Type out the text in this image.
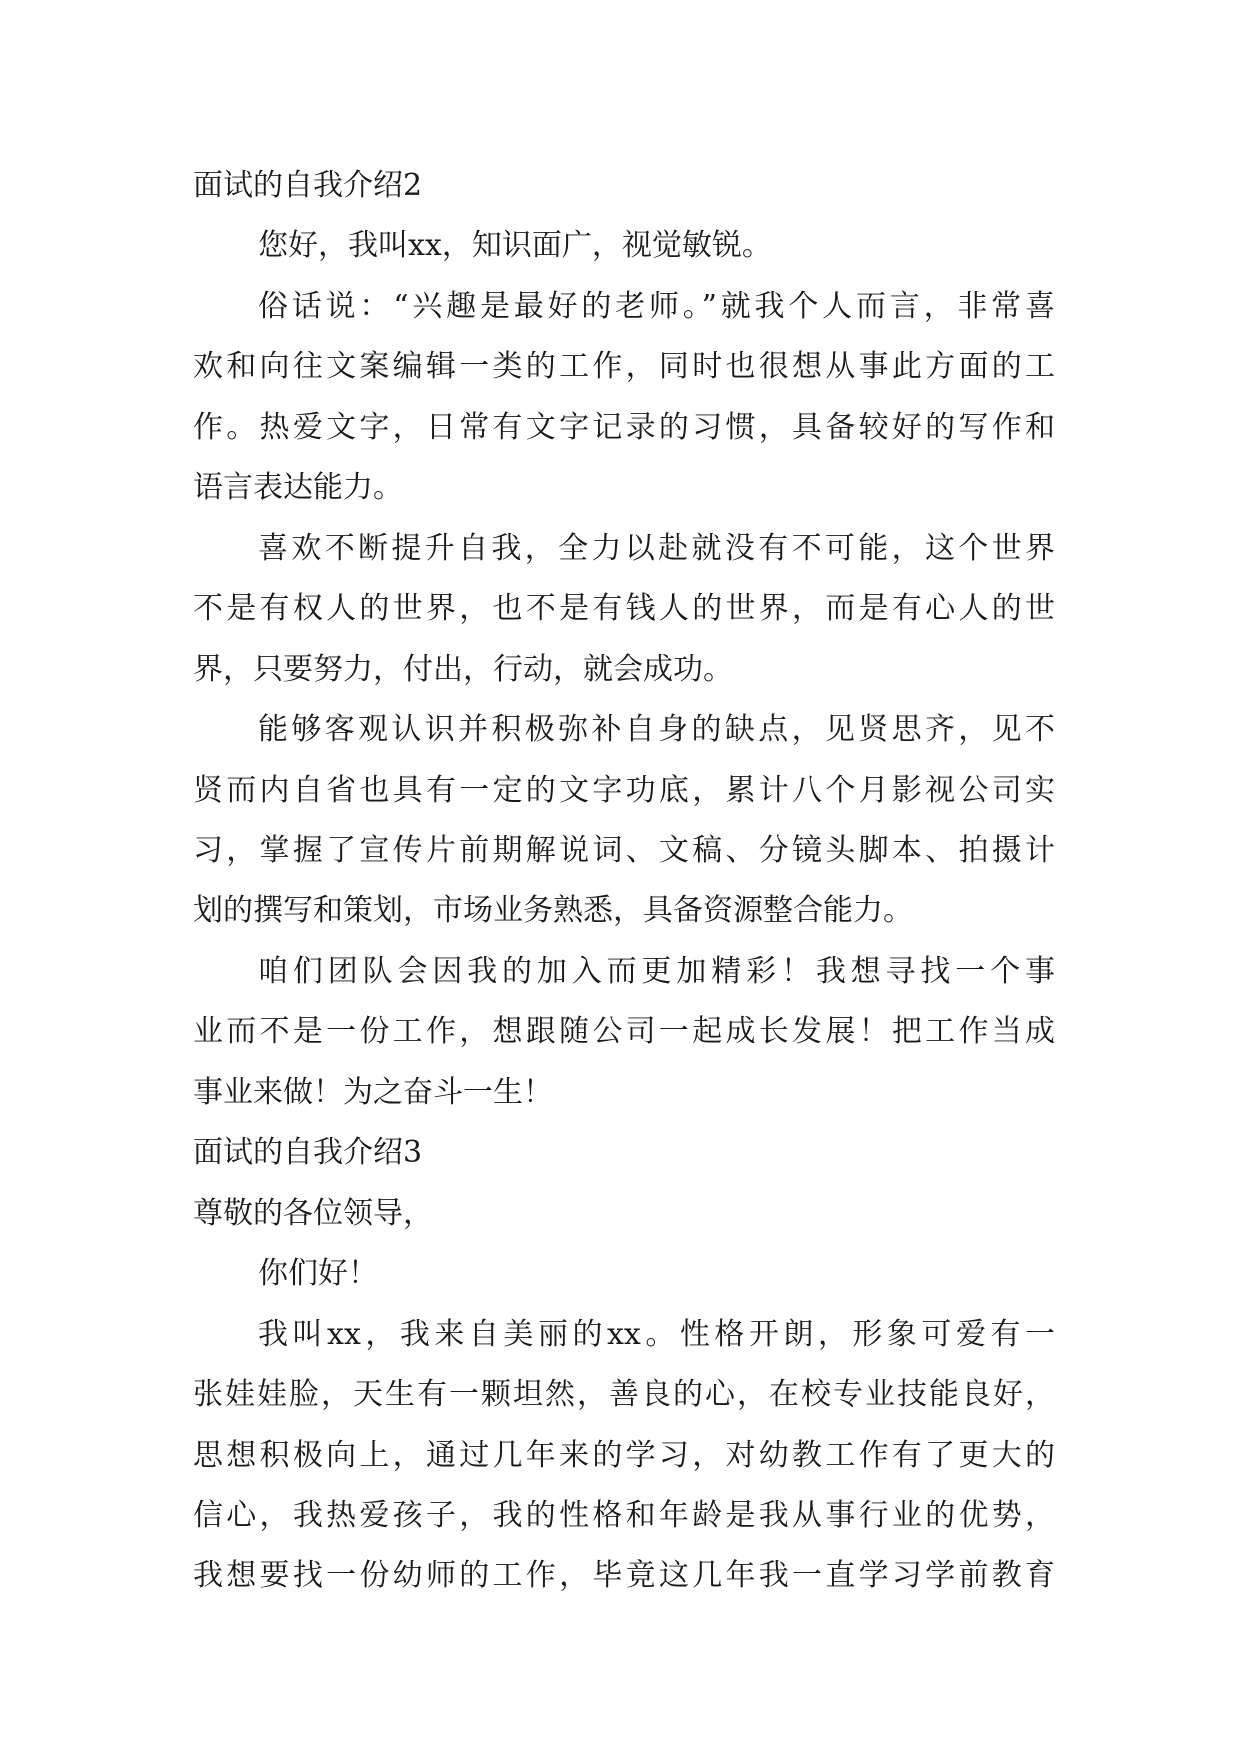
面试的自我介绍2
您好，我叫xx，知识面广，视觉敏锐。
俗话说：“兴趣是最好的老师。”就我个人而言，非常喜
欢和向往文案编辑一类的工作，同时也很想从事此方面的工
作。热爱文字，日常有文字记录的习惯，具备较好的写作和
语言表达能力。
喜欢不断提升自我，全力以赴就没有不可能，这个世界
不是有权人的世界，也不是有钱人的世界，而是有心人的世
界，只要努力，付出，行动，就会成功。
能够客观认识并积极弥补自身的缺点，见贤思齐，见不
贤而内自省也具有一定的文字功底，累计八个月影视公司实
习，掌握了宣传片前期解说词、文稿、分镜头脚本、拍摄计
划的撰写和策划，市场业务熟悉，具备资源整合能力。
咱们团队会因我的加入而更加精彩！我想寻找一个事
业而不是一份工作，想跟随公司一起成长发展！把工作当成
事业来做！为之奋斗一生！
面试的自我介绍3
尊敬的各位领导，
你们好！
我叫xx，我来自美丽的xx。性格开朗，形象可爱有一
张娃娃脸，天生有一颗坦然，善良的心，在校专业技能良好，
思想积极向上，通过几年来的学习，对幼教工作有了更大的
信心，我热爱孩子，我的性格和年龄是我从事行业的优势，
我想要找一份幼师的工作，毕竟这几年我一直学习学前教育
